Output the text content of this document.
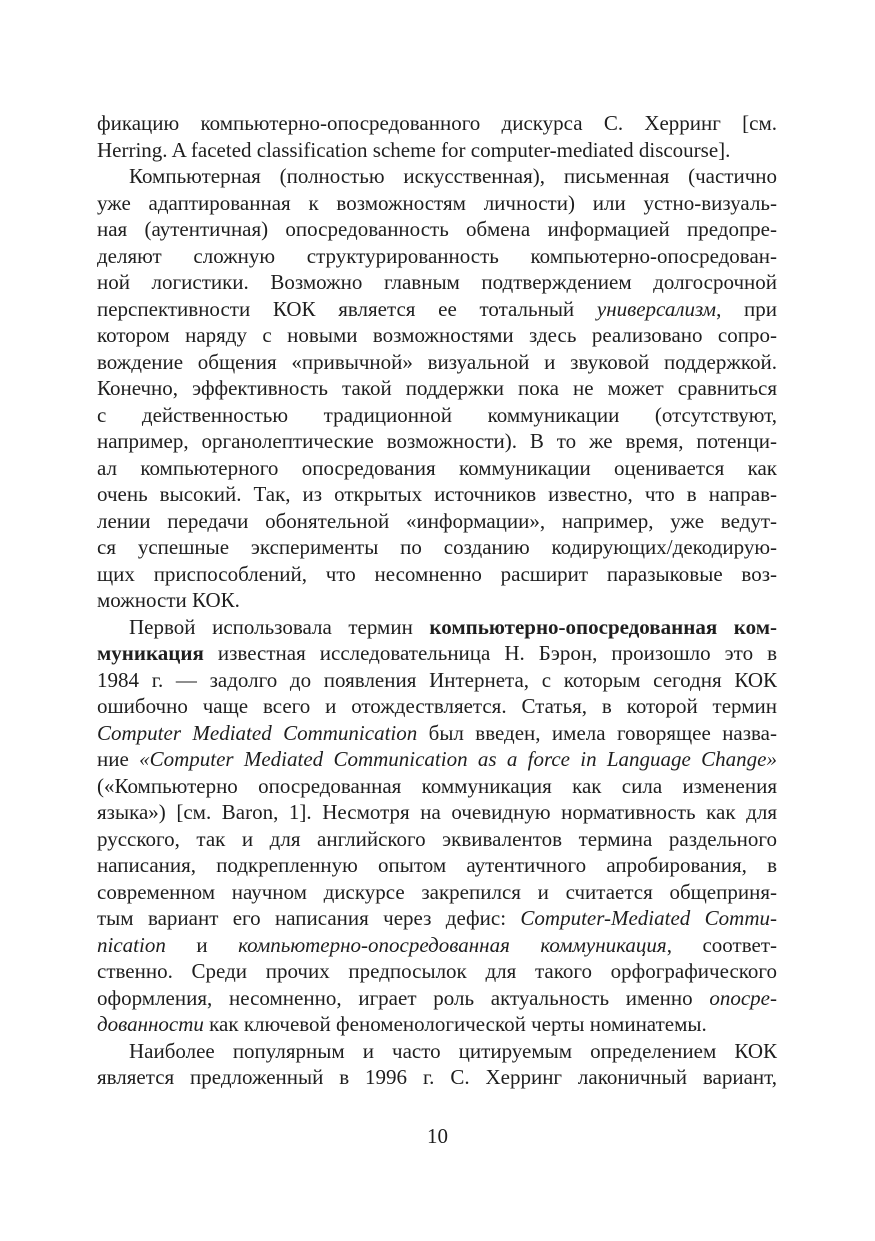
фикацию компьютерно-опосредованного дискурса С. Херринг [см.
Herring. A faceted classification scheme for computer-mediated discourse].
Компьютерная (полностью искусственная), письменная (частично
уже адаптированная к возможностям личности) или устно-визуаль-
ная (аутентичная) опосредованность обмена информацией предопре-
деляют сложную структурированность компьютерно-опосредован-
ной логистики. Возможно главным подтверждением долгосрочной
перспективности КОК является ее тотальный универсализм, при
котором наряду с новыми возможностями здесь реализовано сопро-
вождение общения «привычной» визуальной и звуковой поддержкой.
Конечно, эффективность такой поддержки пока не может сравниться
с действенностью традиционной коммуникации (отсутствуют,
например, органолептические возможности). В то же время, потенци-
ал компьютерного опосредования коммуникации оценивается как
очень высокий. Так, из открытых источников известно, что в направ-
лении передачи обонятельной «информации», например, уже ведут-
ся успешные эксперименты по созданию кодирующих/декодирую-
щих приспособлений, что несомненно расширит паразыковые воз-
можности КОК.
Первой использовала термин компьютерно-опосредованная ком-
муникация известная исследовательница Н. Бэрон, произошло это в
1984 г. — задолго до появления Интернета, с которым сегодня КОК
ошибочно чаще всего и отождествляется. Статья, в которой термин
Computer Mediated Communication был введен, имела говорящее назва-
ние «Computer Mediated Communication as a force in Language Change»
(«Компьютерно опосредованная коммуникация как сила изменения
языка») [см. Baron, 1]. Несмотря на очевидную нормативность как для
русского, так и для английского эквивалентов термина раздельного
написания, подкрепленную опытом аутентичного апробирования, в
современном научном дискурсе закрепился и считается общеприня-
тым вариант его написания через дефис: Computer-Mediated Commu-
nication и компьютерно-опосредованная коммуникация, соответ-
ственно. Среди прочих предпосылок для такого орфографического
оформления, несомненно, играет роль актуальность именно опосре-
дованности как ключевой феноменологической черты номинатемы.
Наиболее популярным и часто цитируемым определением КОК
является предложенный в 1996 г. С. Херринг лаконичный вариант,
10
